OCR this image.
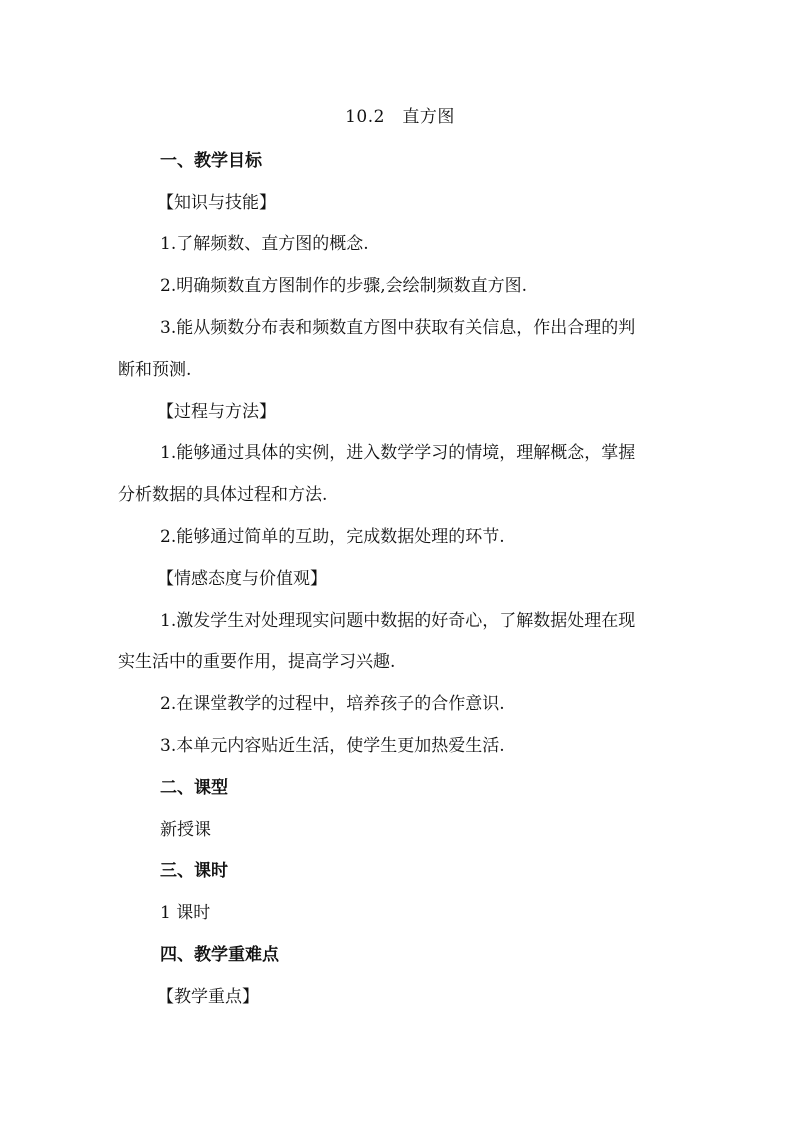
10.2　直方图
一、教学目标
【知识与技能】
1.了解频数、直方图的概念.
2.明确频数直方图制作的步骤,会绘制频数直方图.
3.能从频数分布表和频数直方图中获取有关信息，作出合理的判
断和预测.
【过程与方法】
1.能够通过具体的实例，进入数学学习的情境，理解概念，掌握
分析数据的具体过程和方法.
2.能够通过简单的互助，完成数据处理的环节.
【情感态度与价值观】
1.激发学生对处理现实问题中数据的好奇心，了解数据处理在现
实生活中的重要作用，提高学习兴趣.
2.在课堂教学的过程中，培养孩子的合作意识.
3.本单元内容贴近生活，使学生更加热爱生活.
二、课型
新授课
三、课时
1 课时
四、教学重难点
【教学重点】
